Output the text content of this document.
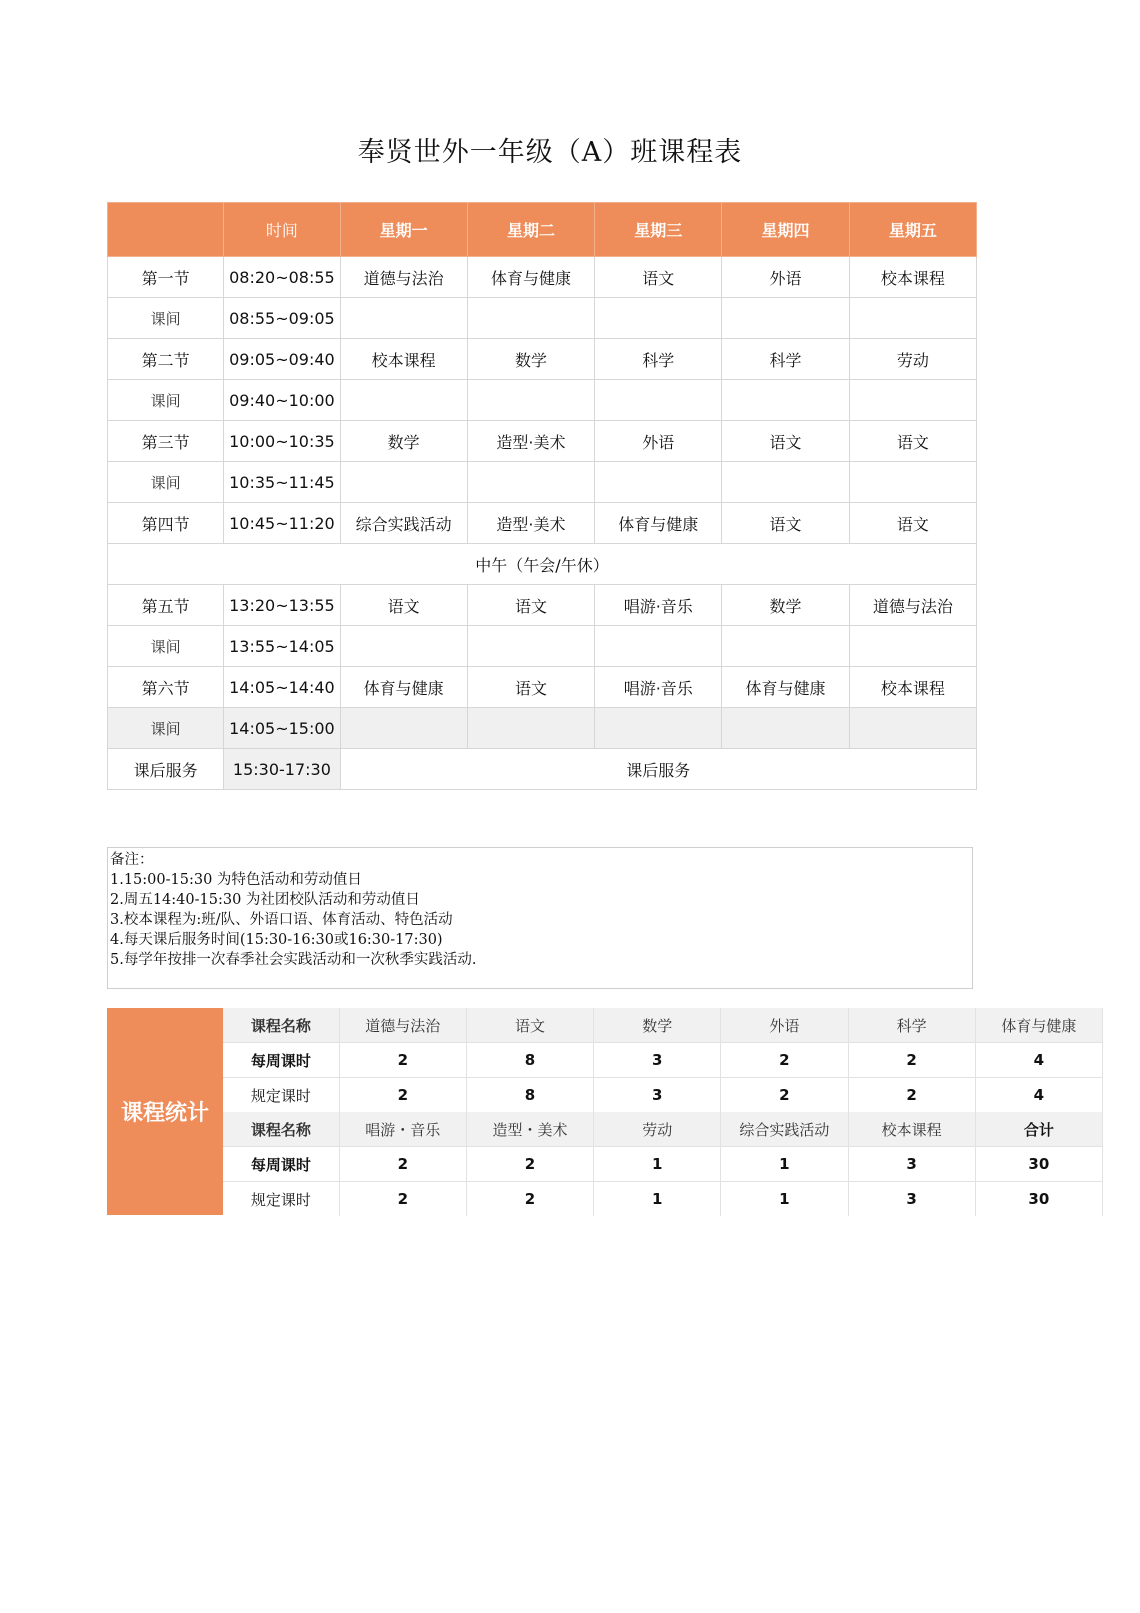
奉贤世外一年级（A）班课程表
	时间	星期一	星期二	星期三	星期四	星期五
第一节	08:20~08:55	道德与法治	体育与健康	语文	外语	校本课程
课间	08:55~09:05					
第二节	09:05~09:40	校本课程	数学	科学	科学	劳动
课间	09:40~10:00					
第三节	10:00~10:35	数学	造型·美术	外语	语文	语文
课间	10:35~11:45					
第四节	10:45~11:20	综合实践活动	造型·美术	体育与健康	语文	语文
中午（午会/午休）						
第五节	13:20~13:55	语文	语文	唱游·音乐	数学	道德与法治
课间	13:55~14:05					
第六节	14:05~14:40	体育与健康	语文	唱游·音乐	体育与健康	校本课程
课间	14:05~15:00					
课后服务	15:30-17:30	课后服务				
备注：
1.15:00-15:30 为特色活动和劳动值日
2.周五14:40-15:30 为社团校队活动和劳动值日
3.校本课程为:班/队、外语口语、体育活动、特色活动
4.每天课后服务时间(15:30-16:30或16:30-17:30)
5.每学年按排一次春季社会实践活动和一次秋季实践活动.
课程统计
课程名称	道德与法治	语文	数学	外语	科学	体育与健康
每周课时	2	8	3	2	2	4
规定课时	2	8	3	2	2	4
课程名称	唱游・音乐	造型・美术	劳动	综合实践活动	校本课程	合计
每周课时	2	2	1	1	3	30
规定课时	2	2	1	1	3	30
